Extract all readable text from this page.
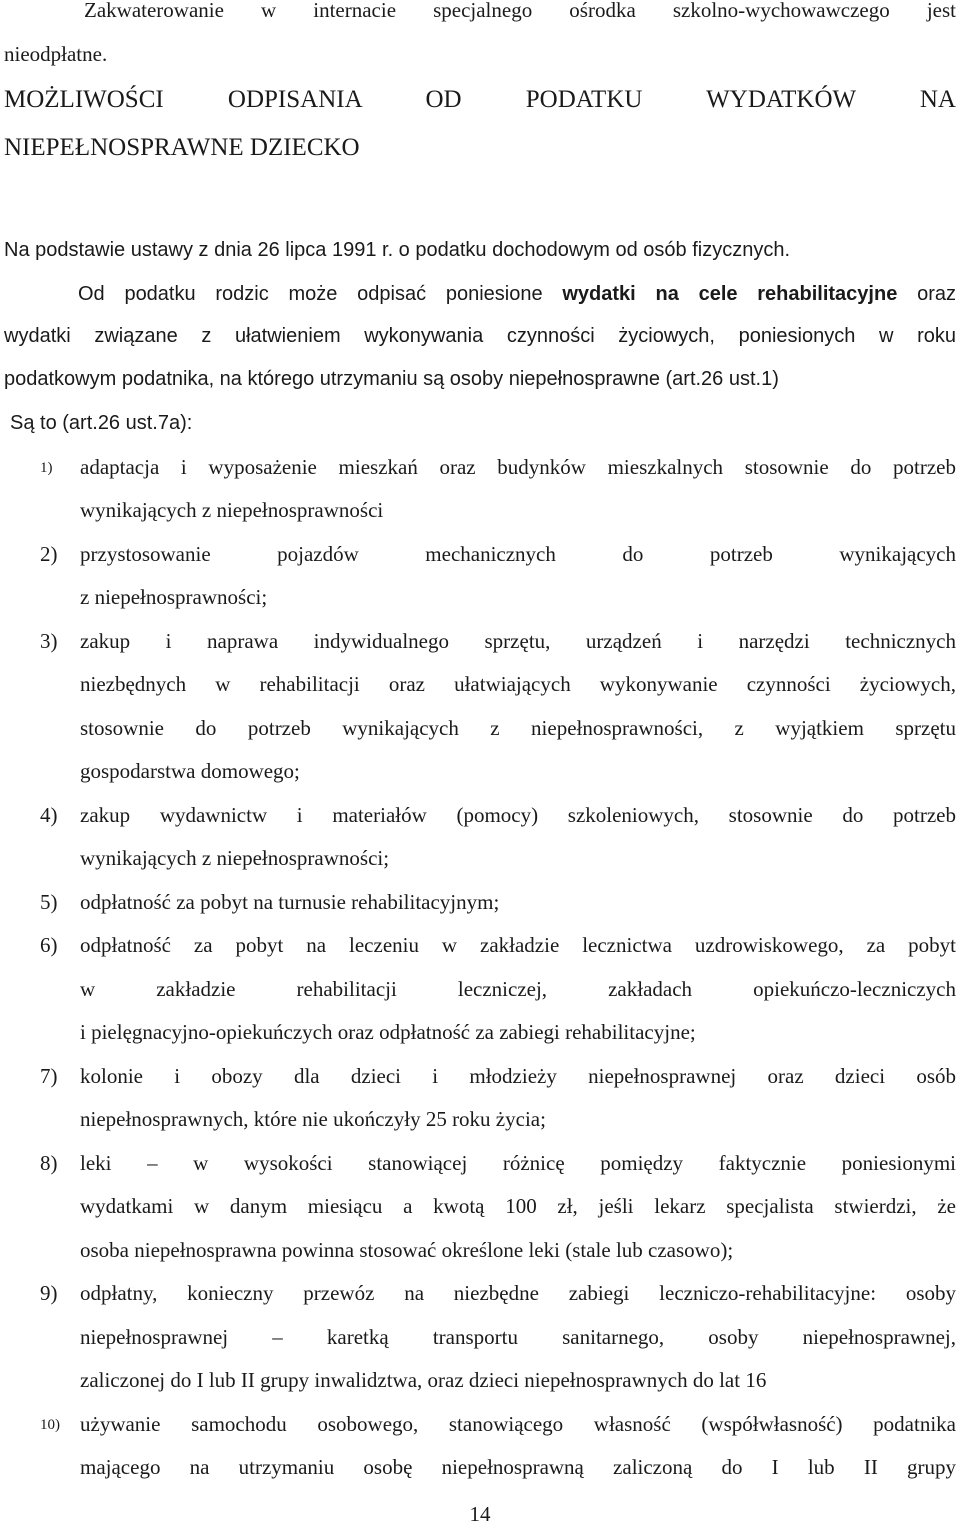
Zakwaterowanie w internacie specjalnego ośrodka szkolno-wychowawczego jest
nieodpłatne.
MOŻLIWOŚCI ODPISANIA OD PODATKU WYDATKÓW NA
NIEPEŁNOSPRAWNE DZIECKO
Na podstawie ustawy z dnia 26 lipca 1991 r. o podatku dochodowym od osób fizycznych.
Od podatku rodzic może odpisać poniesione wydatki na cele rehabilitacyjne oraz
wydatki związane z ułatwieniem wykonywania czynności życiowych, poniesionych w roku
podatkowym podatnika, na którego utrzymaniu są osoby niepełnosprawne (art.26 ust.1)
Są to (art.26 ust.7a):
1) adaptacja i wyposażenie mieszkań oraz budynków mieszkalnych stosownie do potrzeb
wynikających z niepełnosprawności
2) przystosowanie pojazdów mechanicznych do potrzeb wynikających
z niepełnosprawności;
3) zakup i naprawa indywidualnego sprzętu, urządzeń i narzędzi technicznych
niezbędnych w rehabilitacji oraz ułatwiających wykonywanie czynności życiowych,
stosownie do potrzeb wynikających z niepełnosprawności, z wyjątkiem sprzętu
gospodarstwa domowego;
4) zakup wydawnictw i materiałów (pomocy) szkoleniowych, stosownie do potrzeb
wynikających z niepełnosprawności;
5) odpłatność za pobyt na turnusie rehabilitacyjnym;
6) odpłatność za pobyt na leczeniu w zakładzie lecznictwa uzdrowiskowego, za pobyt
w zakładzie rehabilitacji leczniczej, zakładach opiekuńczo-leczniczych
i pielęgnacyjno-opiekuńczych oraz odpłatność za zabiegi rehabilitacyjne;
7) kolonie i obozy dla dzieci i młodzieży niepełnosprawnej oraz dzieci osób
niepełnosprawnych, które nie ukończyły 25 roku życia;
8) leki – w wysokości stanowiącej różnicę pomiędzy faktycznie poniesionymi
wydatkami w danym miesiącu a kwotą 100 zł, jeśli lekarz specjalista stwierdzi, że
osoba niepełnosprawna powinna stosować określone leki (stale lub czasowo);
9) odpłatny, konieczny przewóz na niezbędne zabiegi leczniczo-rehabilitacyjne: osoby
niepełnosprawnej – karetką transportu sanitarnego, osoby niepełnosprawnej,
zaliczonej do I lub II grupy inwalidztwa, oraz dzieci niepełnosprawnych do lat 16
10) używanie samochodu osobowego, stanowiącego własność (współwłasność) podatnika
mającego na utrzymaniu osobę niepełnosprawną zaliczoną do I lub II grupy
14
